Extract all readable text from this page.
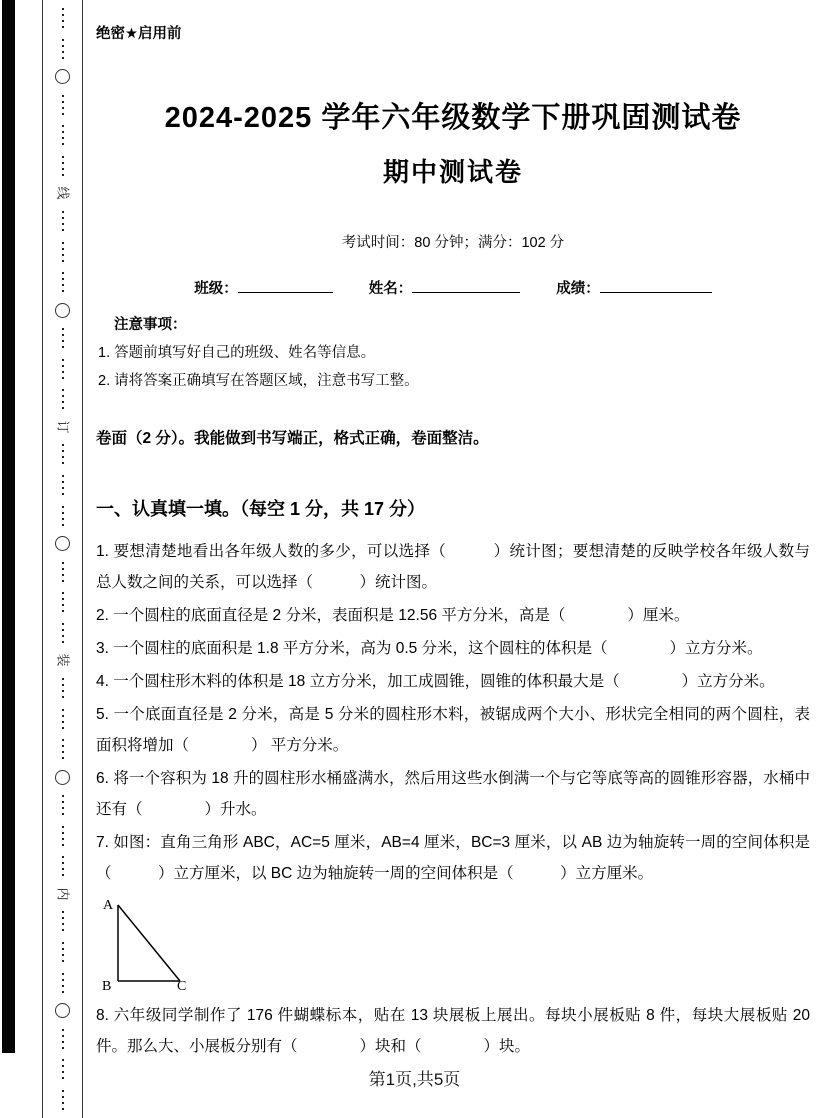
线
订
装
内
绝密★启用前
2024-2025 学年六年级数学下册巩固测试卷
期中测试卷
考试时间：80 分钟；满分：102 分
班级：	姓名：	成绩：
注意事项：
1. 答题前填写好自己的班级、姓名等信息。
2. 请将答案正确填写在答题区域，注意书写工整。
卷面（2 分）。我能做到书写端正，格式正确，卷面整洁。
一、认真填一填。（每空 1 分，共 17 分）

1. 要想清楚地看出各年级人数的多少，可以选择（　　　）统计图；要想清楚的反映学校各年级人数与总人数之间的关系，可以选择（　　　）统计图。

2. 一个圆柱的底面直径是 2 分米，表面积是 12.56 平方分米，高是（　　　　）厘米。

3. 一个圆柱的底面积是 1.8 平方分米，高为 0.5 分米，这个圆柱的体积是（　　　　）立方分米。

4. 一个圆柱形木料的体积是 18 立方分米，加工成圆锥，圆锥的体积最大是（　　　　）立方分米。

5. 一个底面直径是 2 分米，高是 5 分米的圆柱形木料，被锯成两个大小、形状完全相同的两个圆柱，表面积将增加（　　　　） 平方分米。

6. 将一个容积为 18 升的圆柱形水桶盛满水，然后用这些水倒满一个与它等底等高的圆锥形容器，水桶中还有（　　　　）升水。

7. 如图：直角三角形 ABC，AC=5 厘米，AB=4 厘米，BC=3 厘米，以 AB 边为轴旋转一周的空间体积是（　　　）立方厘米，以 BC 边为轴旋转一周的空间体积是（　　　）立方厘米。

A
B	C

8. 六年级同学制作了 176 件蝴蝶标本，贴在 13 块展板上展出。每块小展板贴 8 件，每块大展板贴 20 件。那么大、小展板分别有（　　　　）块和（　　　　）块。

第1页,共5页
